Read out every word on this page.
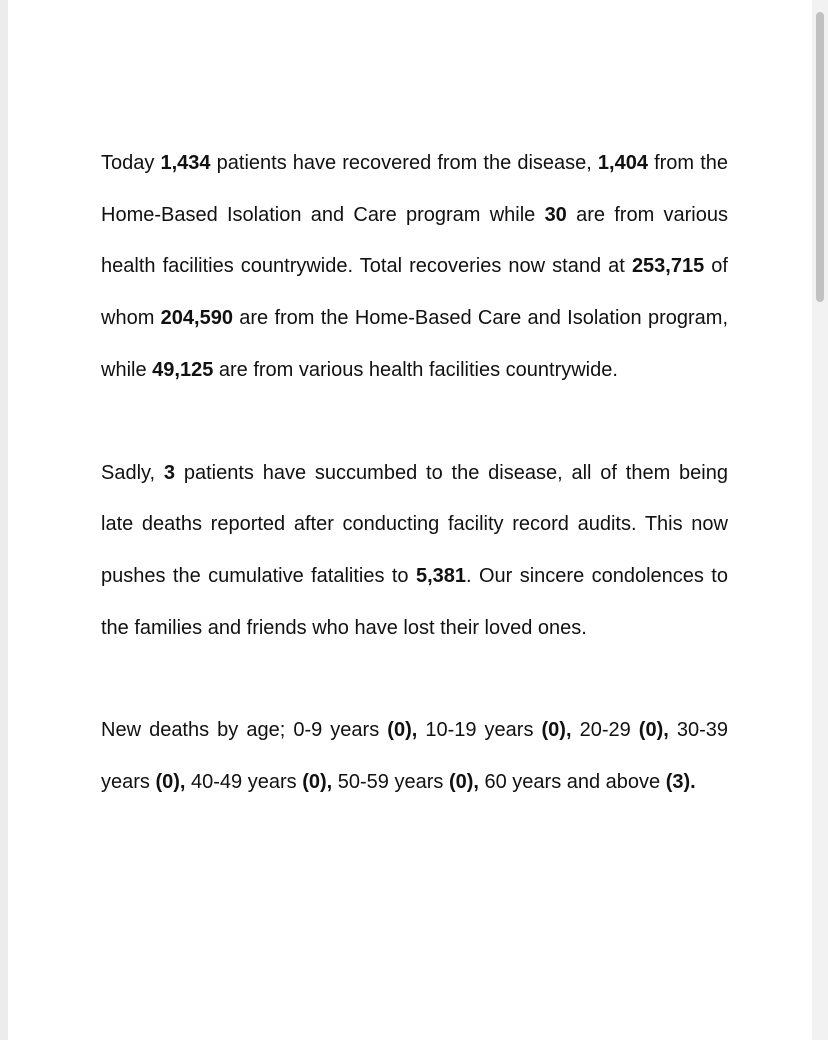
Today 1,434 patients have recovered from the disease, 1,404 from the Home-Based Isolation and Care program while 30 are from various health facilities countrywide. Total recoveries now stand at 253,715 of whom 204,590 are from the Home-Based Care and Isolation program, while 49,125 are from various health facilities countrywide.

Sadly, 3 patients have succumbed to the disease, all of them being late deaths reported after conducting facility record audits. This now pushes the cumulative fatalities to 5,381. Our sincere condolences to the families and friends who have lost their loved ones.

New deaths by age; 0-9 years (0), 10-19 years (0), 20-29 (0), 30-39 years (0), 40-49 years (0), 50-59 years (0), 60 years and above (3).
